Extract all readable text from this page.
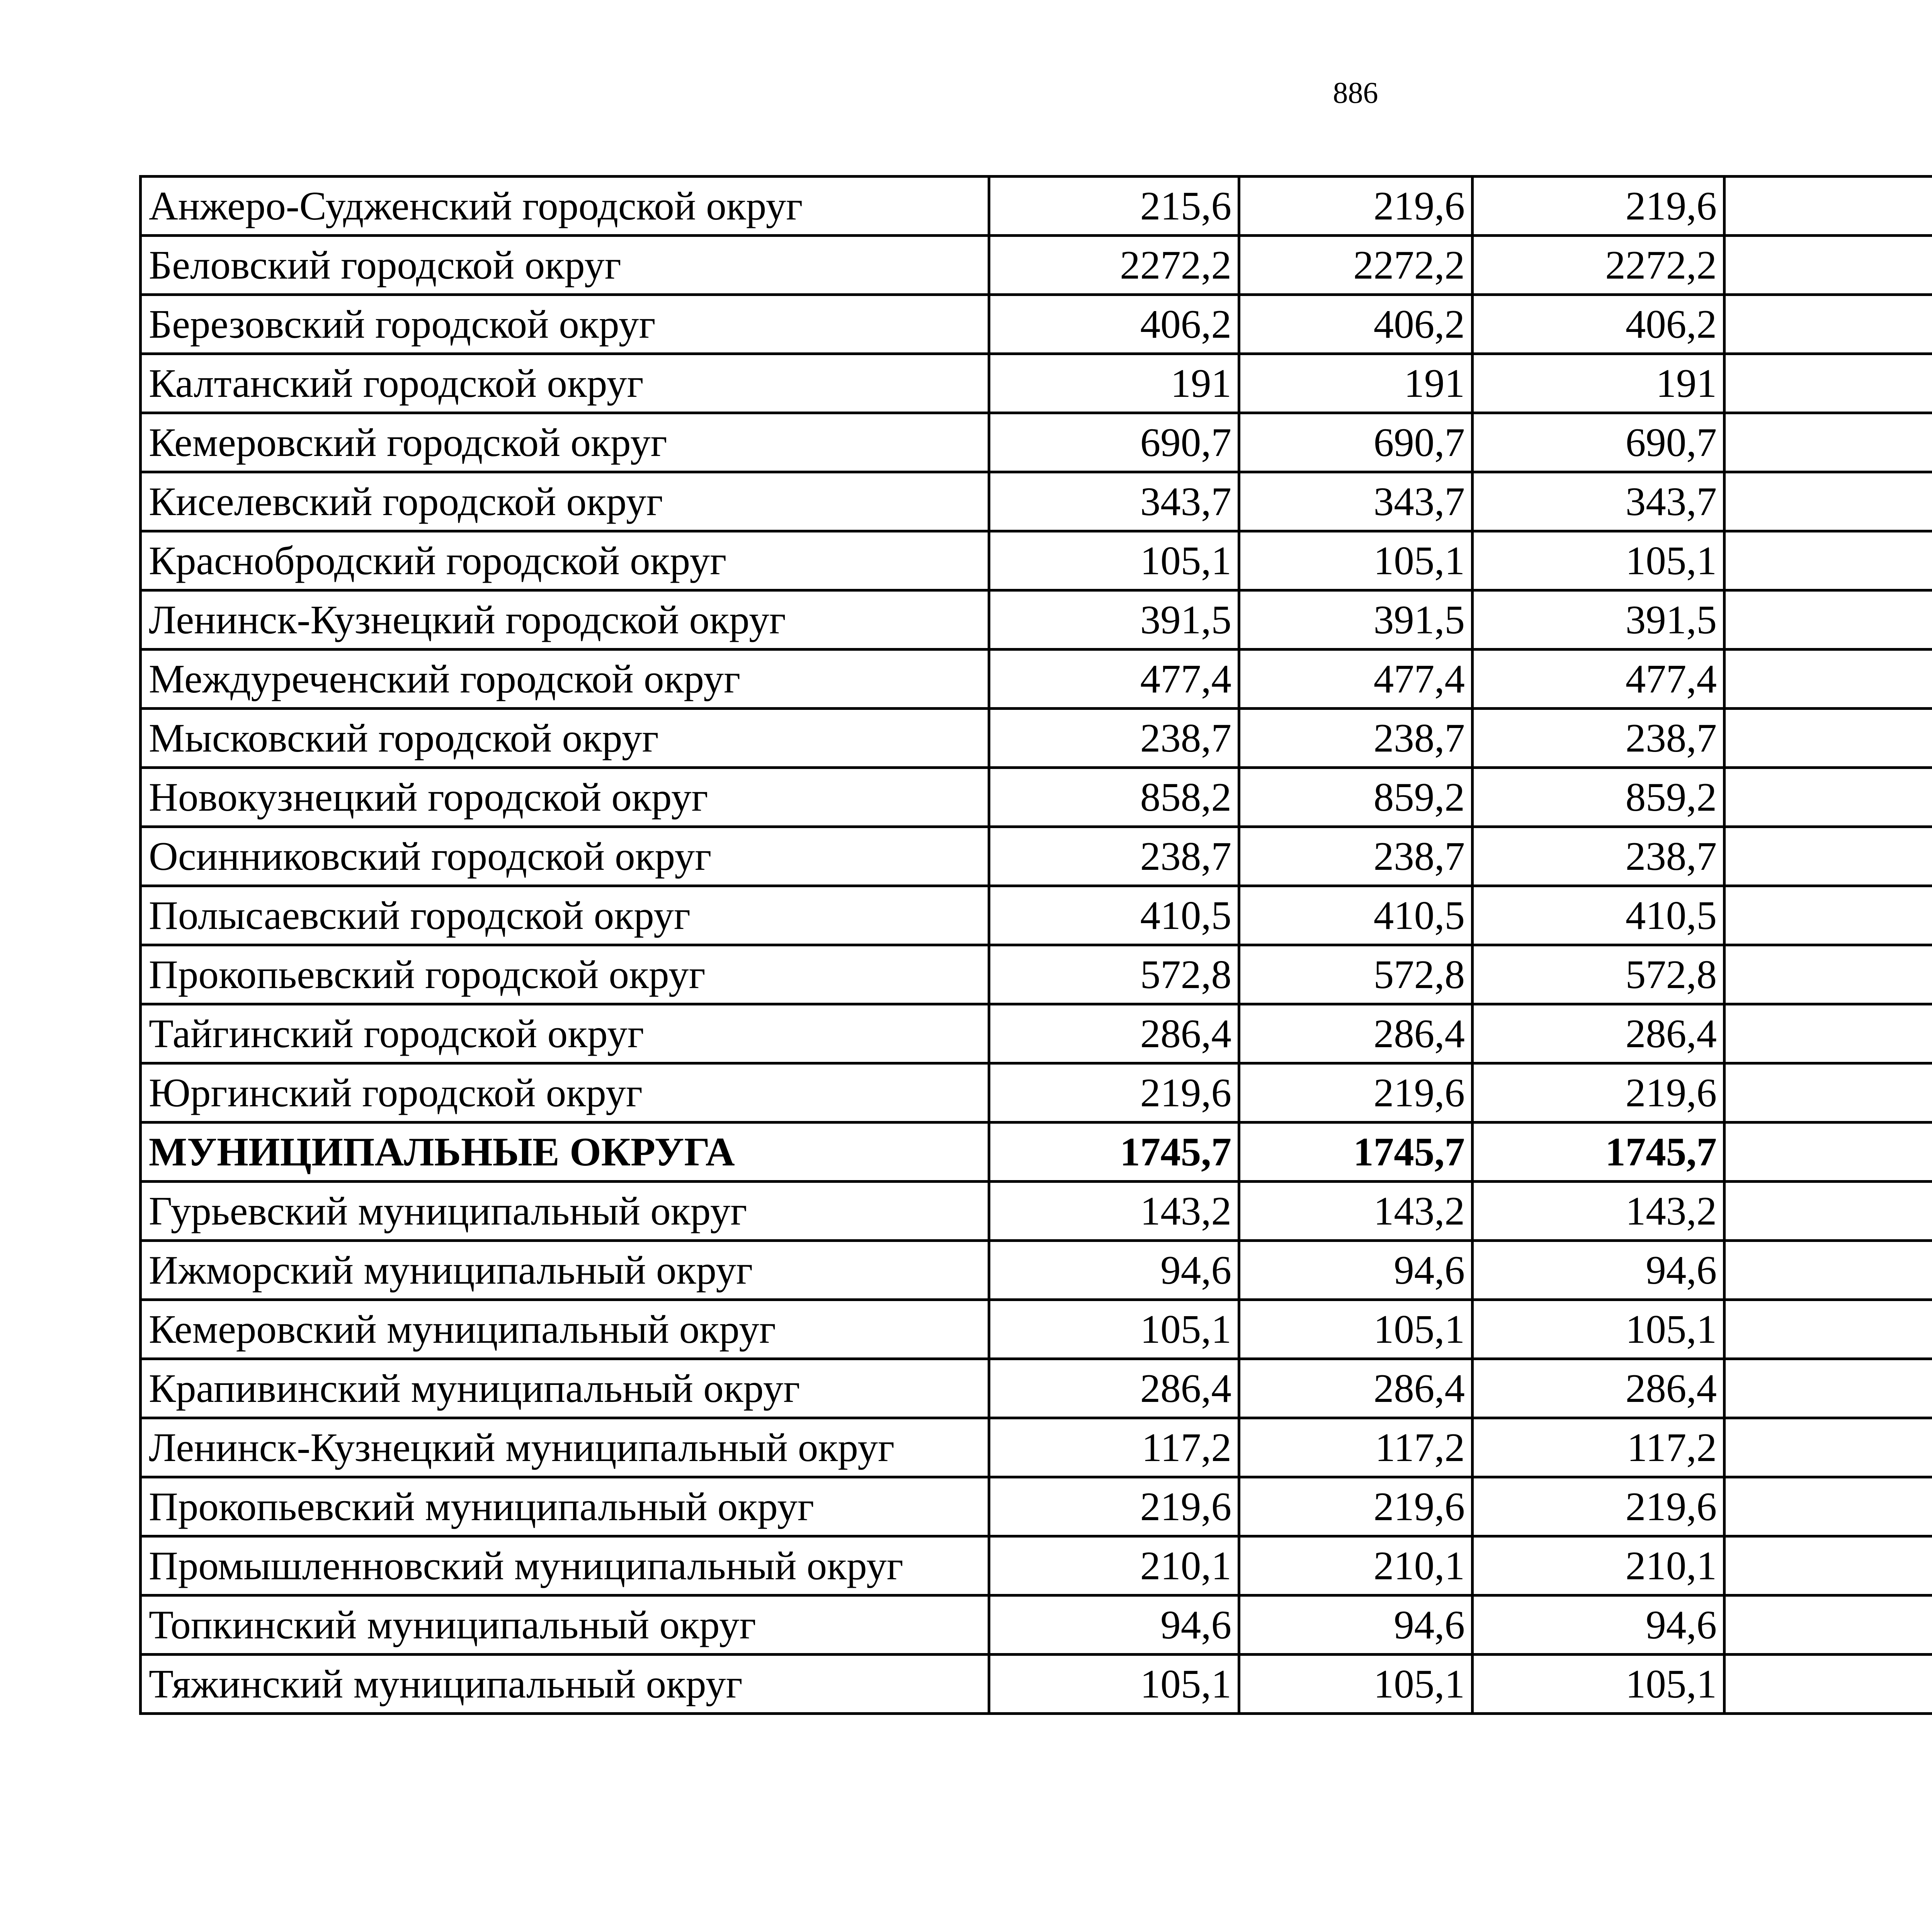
886
Анжеро-Судженский городской округ	215,6	219,6	219,6	
Беловский городской округ	2272,2	2272,2	2272,2	
Березовский городской округ	406,2	406,2	406,2	
Калтанский городской округ	191	191	191	
Кемеровский городской округ	690,7	690,7	690,7	
Киселевский городской округ	343,7	343,7	343,7	
Краснобродский городской округ	105,1	105,1	105,1	
Ленинск-Кузнецкий городской округ	391,5	391,5	391,5	
Междуреченский городской округ	477,4	477,4	477,4	
Мысковский городской округ	238,7	238,7	238,7	
Новокузнецкий городской округ	858,2	859,2	859,2	
Осинниковский городской округ	238,7	238,7	238,7	
Полысаевский городской округ	410,5	410,5	410,5	
Прокопьевский городской округ	572,8	572,8	572,8	
Тайгинский городской округ	286,4	286,4	286,4	
Юргинский городской округ	219,6	219,6	219,6	
МУНИЦИПАЛЬНЫЕ ОКРУГА	1745,7	1745,7	1745,7	
Гурьевский муниципальный округ	143,2	143,2	143,2	
Ижморский муниципальный округ	94,6	94,6	94,6	
Кемеровский муниципальный округ	105,1	105,1	105,1	
Крапивинский муниципальный округ	286,4	286,4	286,4	
Ленинск-Кузнецкий муниципальный округ	117,2	117,2	117,2	
Прокопьевский муниципальный округ	219,6	219,6	219,6	
Промышленновский муниципальный округ	210,1	210,1	210,1	
Топкинский муниципальный округ	94,6	94,6	94,6	
Тяжинский муниципальный округ	105,1	105,1	105,1	
